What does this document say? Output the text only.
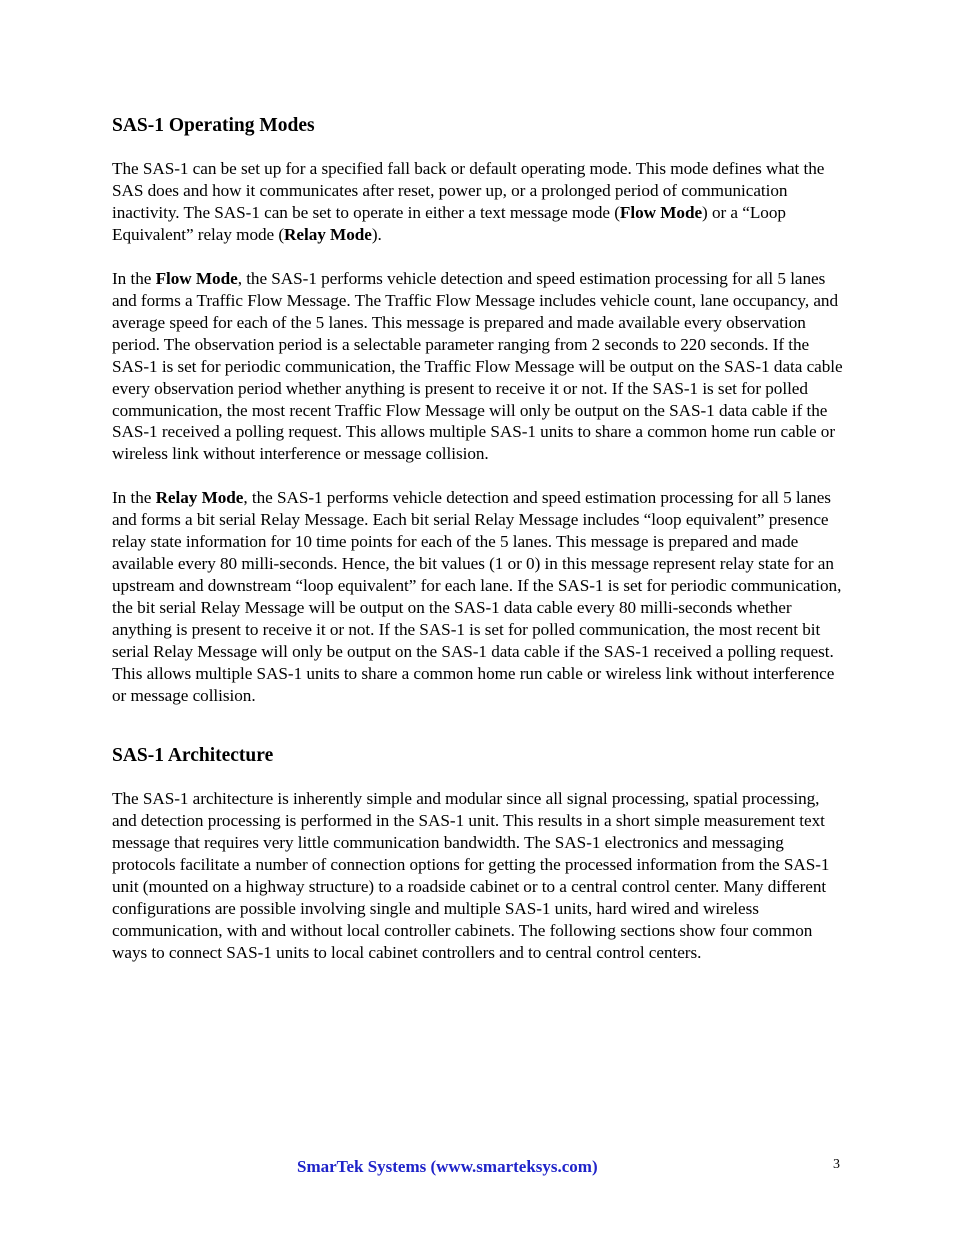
SAS-1 Operating Modes

The SAS-1 can be set up for a specified fall back or default operating mode. This mode defines what the SAS does and how it communicates after reset, power up, or a prolonged period of communication inactivity. The SAS-1 can be set to operate in either a text message mode (Flow Mode) or a “Loop Equivalent” relay mode (Relay Mode).

In the Flow Mode, the SAS-1 performs vehicle detection and speed estimation processing for all 5 lanes and forms a Traffic Flow Message. The Traffic Flow Message includes vehicle count, lane occupancy, and average speed for each of the 5 lanes. This message is prepared and made available every observation period. The observation period is a selectable parameter ranging from 2 seconds to 220 seconds. If the SAS-1 is set for periodic communication, the Traffic Flow Message will be output on the SAS-1 data cable every observation period whether anything is present to receive it or not. If the SAS-1 is set for polled communication, the most recent Traffic Flow Message will only be output on the SAS-1 data cable if the SAS-1 received a polling request. This allows multiple SAS-1 units to share a common home run cable or wireless link without interference or message collision.

In the Relay Mode, the SAS-1 performs vehicle detection and speed estimation processing for all 5 lanes and forms a bit serial Relay Message. Each bit serial Relay Message includes “loop equivalent” presence relay state information for 10 time points for each of the 5 lanes. This message is prepared and made available every 80 milli-seconds. Hence, the bit values (1 or 0) in this message represent relay state for an upstream and downstream “loop equivalent” for each lane. If the SAS-1 is set for periodic communication, the bit serial Relay Message will be output on the SAS-1 data cable every 80 milli-seconds whether anything is present to receive it or not. If the SAS-1 is set for polled communication, the most recent bit serial Relay Message will only be output on the SAS-1 data cable if the SAS-1 received a polling request. This allows multiple SAS-1 units to share a common home run cable or wireless link without interference or message collision.

SAS-1 Architecture

The SAS-1 architecture is inherently simple and modular since all signal processing, spatial processing, and detection processing is performed in the SAS-1 unit. This results in a short simple measurement text message that requires very little communication bandwidth. The SAS-1 electronics and messaging protocols facilitate a number of connection options for getting the processed information from the SAS-1 unit (mounted on a highway structure) to a roadside cabinet or to a central control center. Many different configurations are possible involving single and multiple SAS-1 units, hard wired and wireless communication, with and without local controller cabinets. The following sections show four common ways to connect SAS-1 units to local cabinet controllers and to central control centers.

SmarTek Systems (www.smarteksys.com)	3
